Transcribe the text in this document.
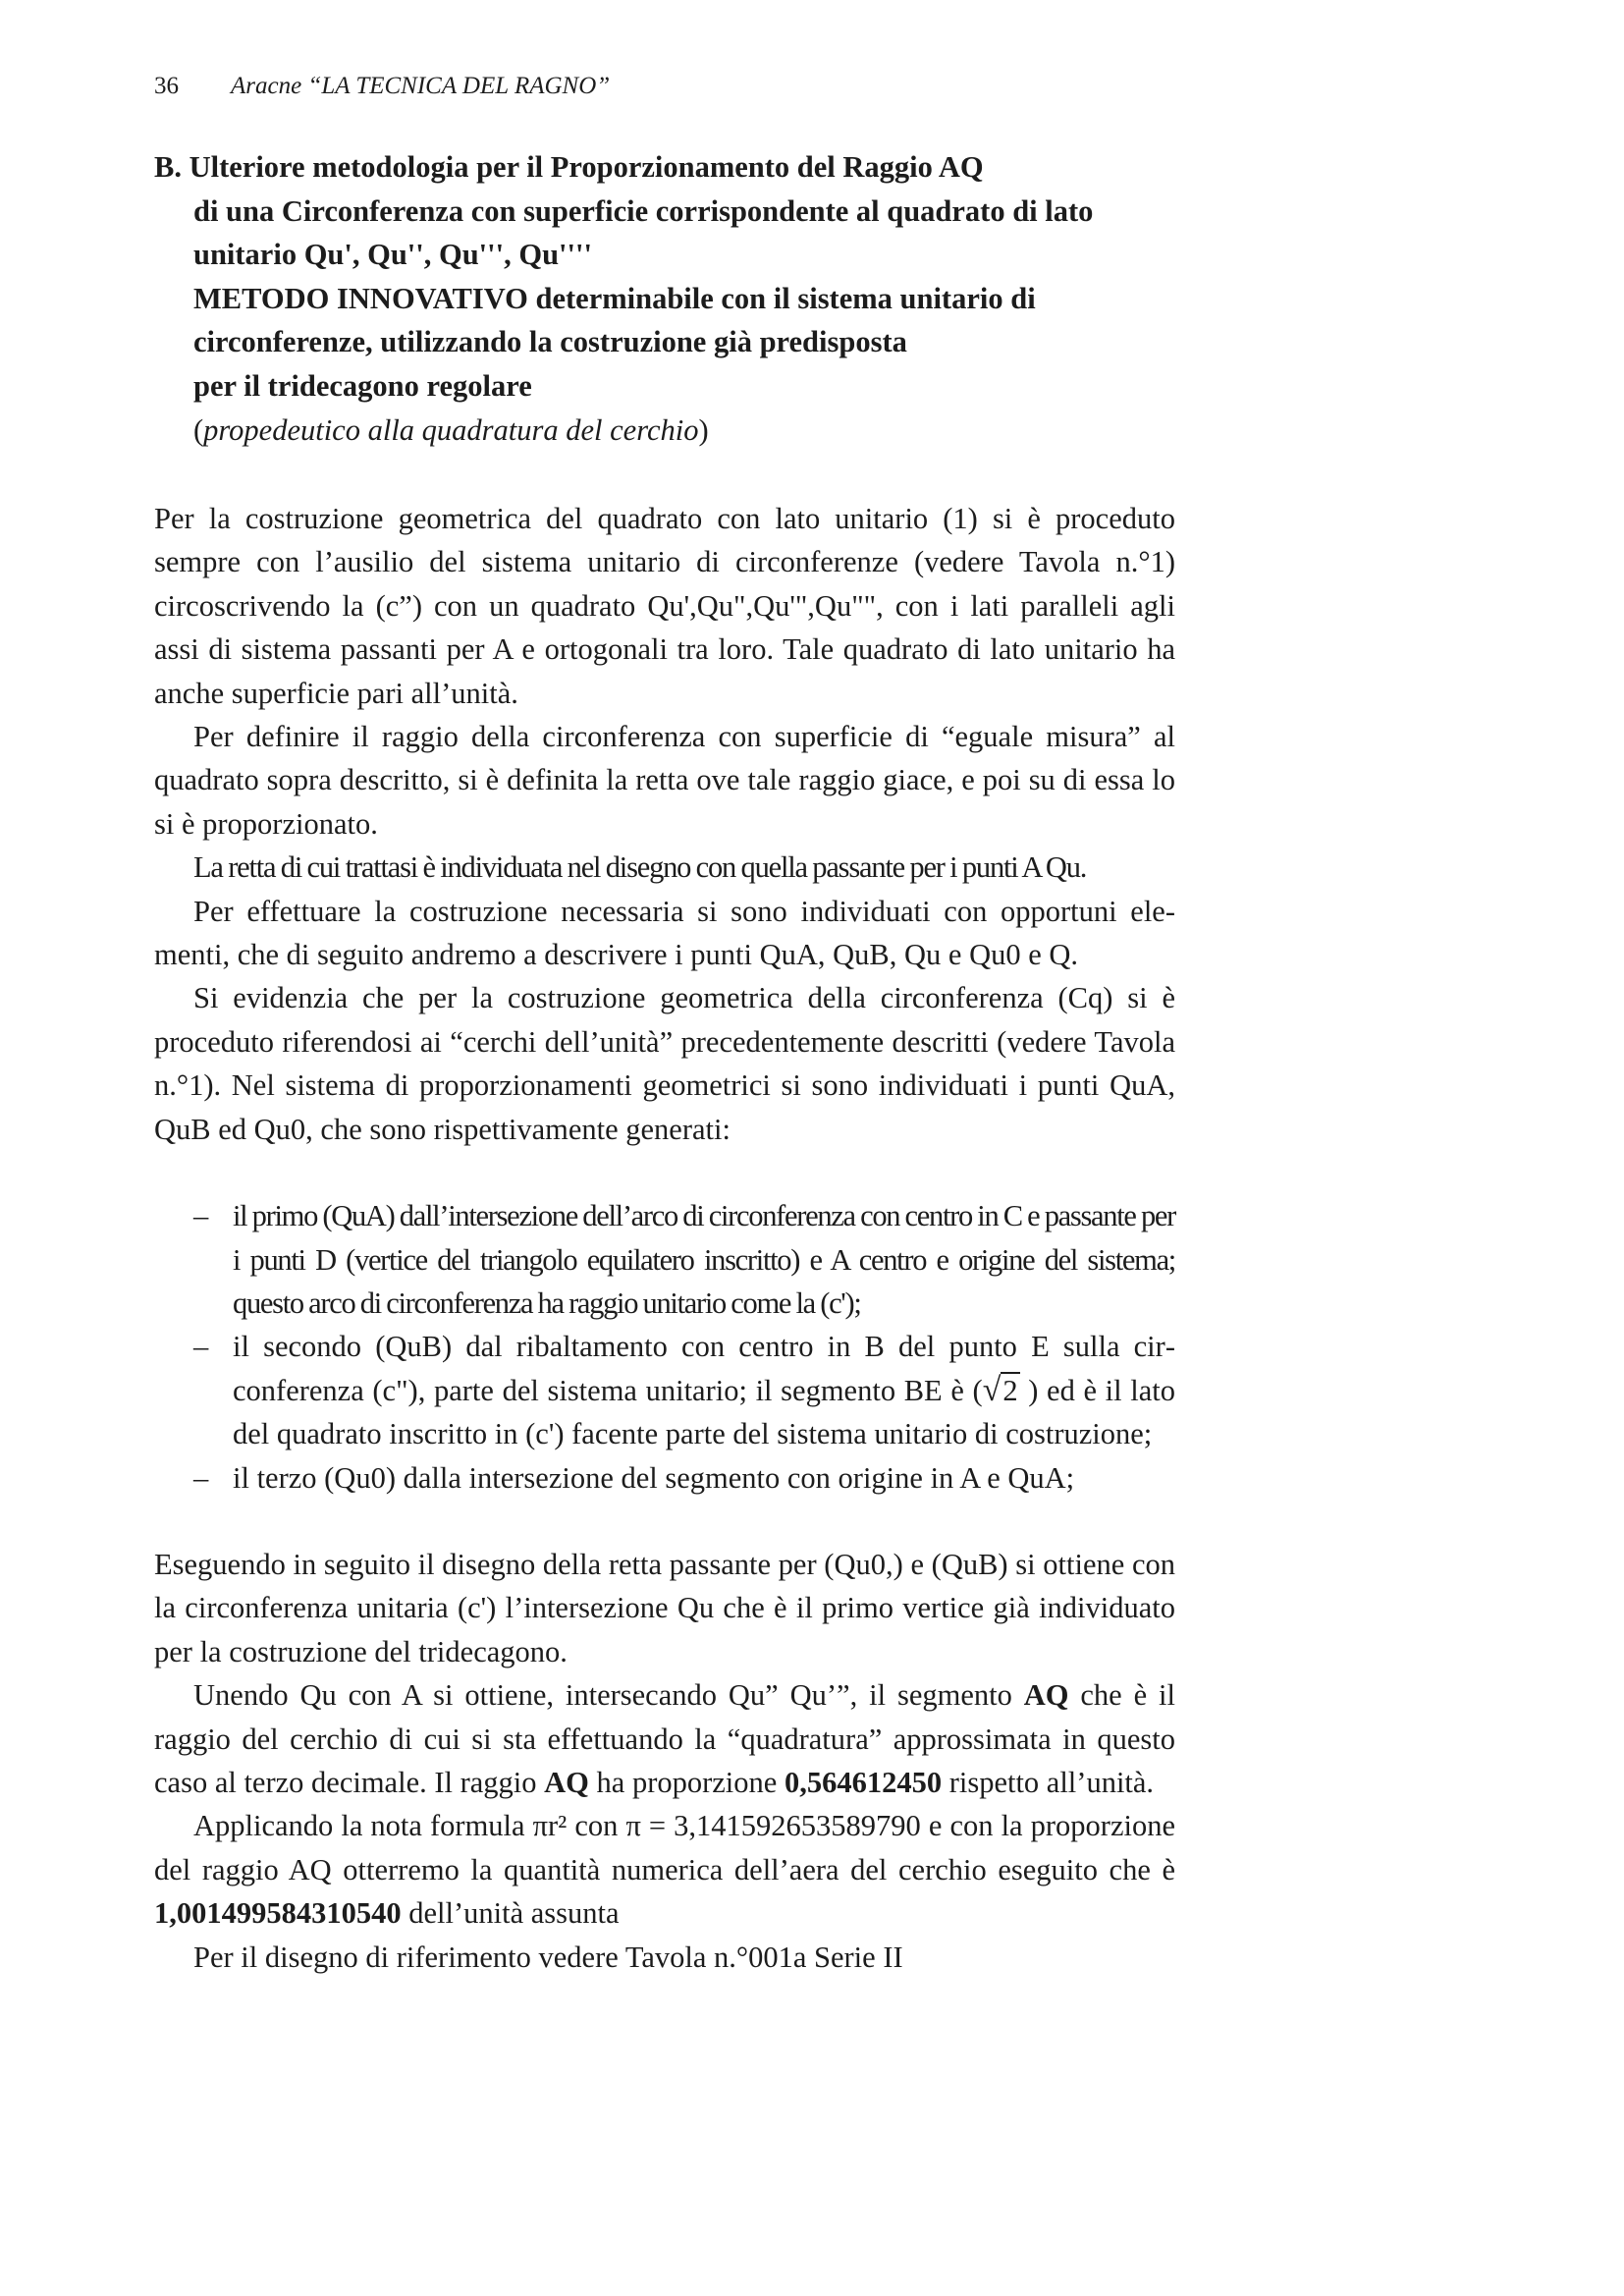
36 Aracne “LA TECNICA DEL RAGNO”
B. Ulteriore metodologia per il Proporzionamento del Raggio AQ
di una Circonferenza con superficie corrispondente al quadrato di lato
unitario Qu', Qu'', Qu''', Qu''''
METODO INNOVATIVO determinabile con il sistema unitario di
circonferenze, utilizzando la costruzione già predisposta
per il tridecagono regolare
(propedeutico alla quadratura del cerchio)

Per la costruzione geometrica del quadrato con lato unitario (1) si è proceduto sempre con l’ausilio del sistema unitario di circonferenze (vedere Tavola n.°1) circoscrivendo la (c”) con un quadrato Qu',Qu",Qu'",Qu"", con i lati paralleli agli assi di sistema passanti per A e ortogonali tra loro. Tale quadrato di lato unitario ha anche superficie pari all’unità.

Per definire il raggio della circonferenza con superficie di “eguale misura” al quadrato sopra descritto, si è definita la retta ove tale raggio giace, e poi su di essa lo si è proporzionato.

La retta di cui trattasi è individuata nel disegno con quella passante per i punti A Qu.

Per effettuare la costruzione necessaria si sono individuati con opportuni elementi, che di seguito andremo a descrivere i punti QuA, QuB, Qu e Qu0 e Q.

Si evidenzia che per la costruzione geometrica della circonferenza (Cq) si è proceduto riferendosi ai “cerchi dell’unità” precedentemente descritti (vedere Tavola n.°1). Nel sistema di proporzionamenti geometrici si sono individuati i punti QuA, QuB ed Qu0, che sono rispettivamente generati:

– il primo (QuA) dall’intersezione dell’arco di circonferenza con centro in C e passante per i punti D (vertice del triangolo equilatero inscritto) e A centro e origine del sistema; questo arco di circonferenza ha raggio unitario come la (c');
– il secondo (QuB) dal ribaltamento con centro in B del punto E sulla circonferenza (c"), parte del sistema unitario; il segmento BE è (√2 ) ed è il lato del quadrato inscritto in (c') facente parte del sistema unitario di costruzione;
– il terzo (Qu0) dalla intersezione del segmento con origine in A e QuA;

Eseguendo in seguito il disegno della retta passante per (Qu0,) e (QuB) si ottiene con la circonferenza unitaria (c') l’intersezione Qu che è il primo vertice già individuato per la costruzione del tridecagono.

Unendo Qu con A si ottiene, intersecando Qu” Qu’”, il segmento AQ che è il raggio del cerchio di cui si sta effettuando la “quadratura” approssimata in questo caso al terzo decimale. Il raggio AQ ha proporzione 0,564612450 rispetto all’unità.

Applicando la nota formula πr² con π = 3,141592653589790 e con la proporzione del raggio AQ otterremo la quantità numerica dell’aera del cerchio eseguito che è 1,001499584310540 dell’unità assunta

Per il disegno di riferimento vedere Tavola n.°001a Serie II
